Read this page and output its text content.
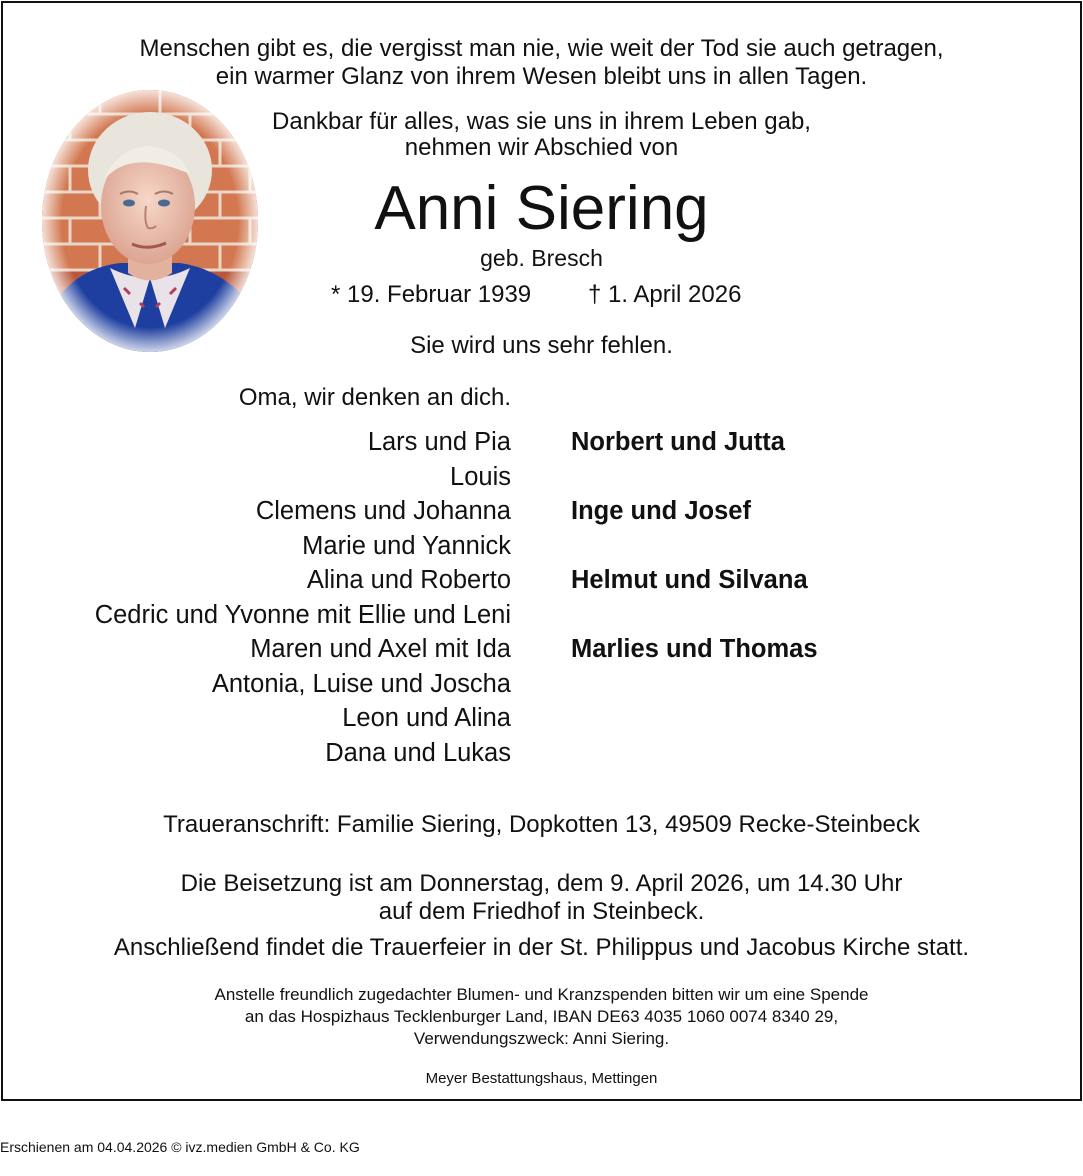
Menschen gibt es, die vergisst man nie, wie weit der Tod sie auch getragen,
ein warmer Glanz von ihrem Wesen bleibt uns in allen Tagen.
Dankbar für alles, was sie uns in ihrem Leben gab,
nehmen wir Abschied von
Anni Siering
geb. Bresch
* 19. Februar 1939 † 1. April 2026
Sie wird uns sehr fehlen.
Oma, wir denken an dich.
Lars und Pia
Louis
Clemens und Johanna
Marie und Yannick
Alina und Roberto
Cedric und Yvonne mit Ellie und Leni
Maren und Axel mit Ida
Antonia, Luise und Joscha
Leon und Alina
Dana und Lukas
Norbert und Jutta
Inge und Josef
Helmut und Silvana
Marlies und Thomas
Traueranschrift: Familie Siering, Dopkotten 13, 49509 Recke-Steinbeck
Die Beisetzung ist am Donnerstag, dem 9. April 2026, um 14.30 Uhr
auf dem Friedhof in Steinbeck.
Anschließend findet die Trauerfeier in der St. Philippus und Jacobus Kirche statt.
Anstelle freundlich zugedachter Blumen- und Kranzspenden bitten wir um eine Spende
an das Hospizhaus Tecklenburger Land, IBAN DE63 4035 1060 0074 8340 29,
Verwendungszweck: Anni Siering.
Meyer Bestattungshaus, Mettingen
Erschienen am 04.04.2026 © ivz.medien GmbH & Co. KG
